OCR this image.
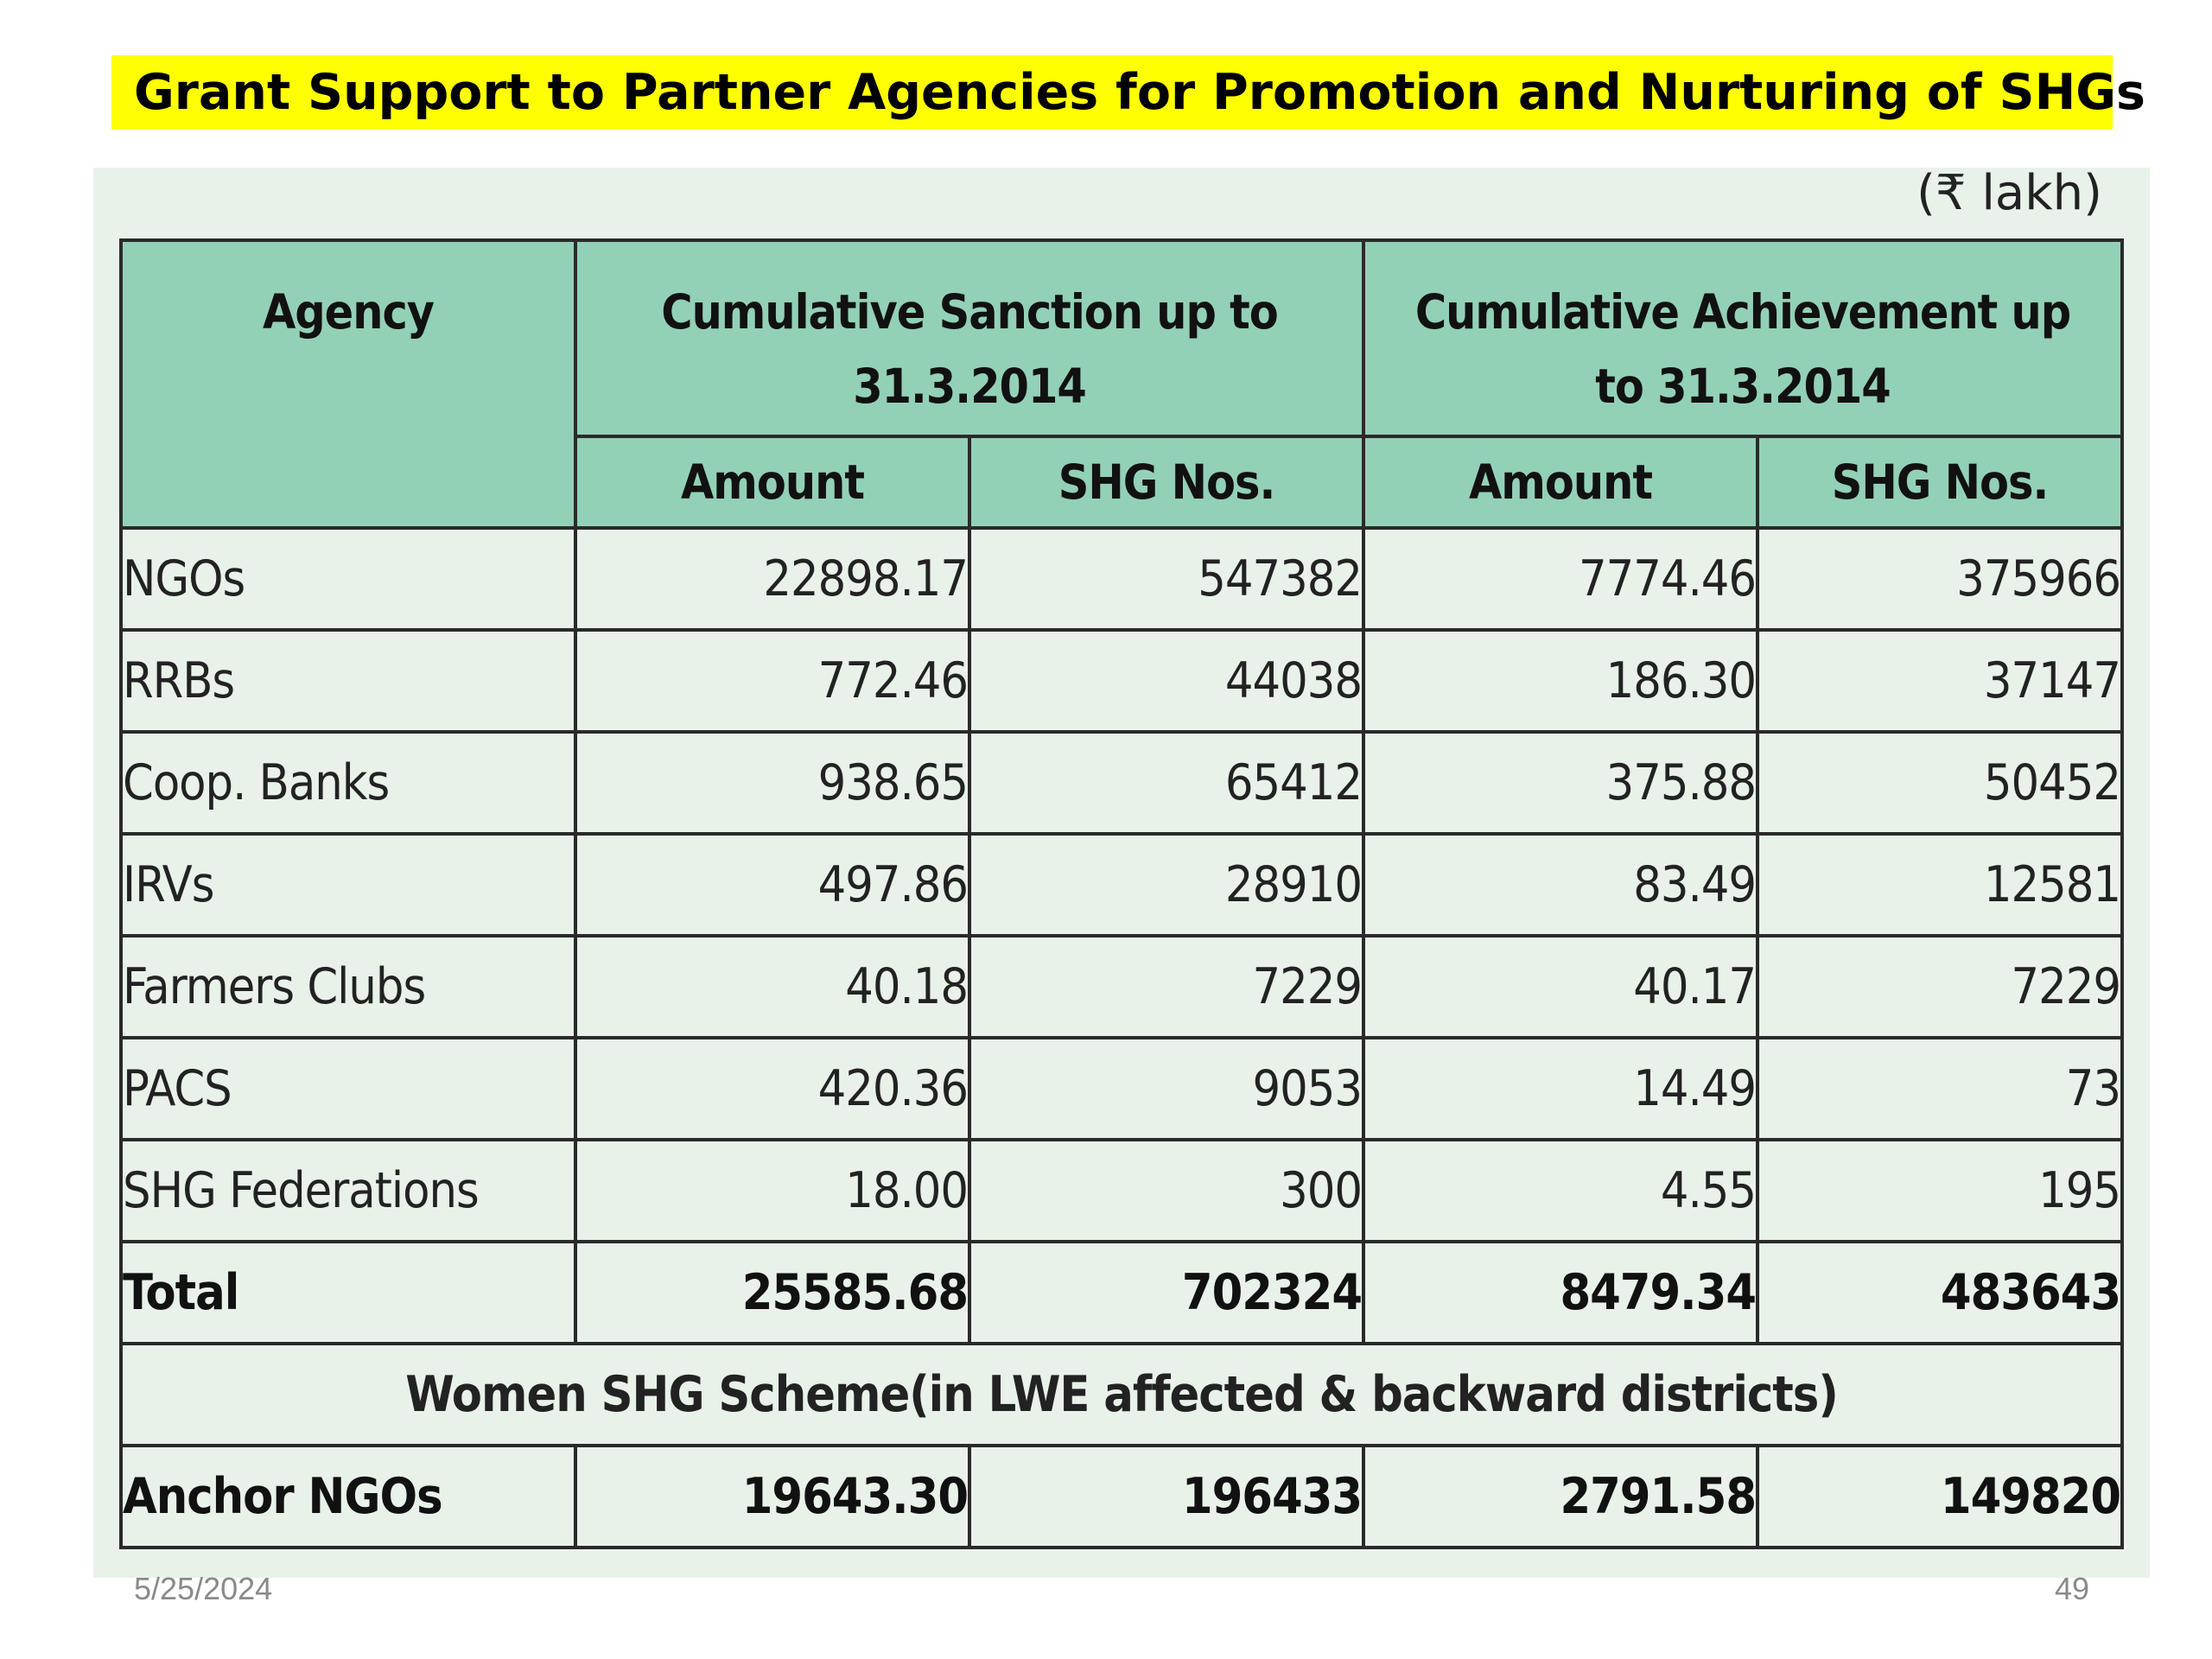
Grant Support to Partner Agencies for Promotion and Nurturing of SHGs
(₹ lakh)
Agency	Cumulative Sanction up to 31.3.2014		Cumulative Achievement up to 31.3.2014	
	Amount	SHG Nos.	Amount	SHG Nos.
NGOs	22898.17	547382	7774.46	375966
RRBs	772.46	44038	186.30	37147
Coop. Banks	938.65	65412	375.88	50452
IRVs	497.86	28910	83.49	12581
Farmers Clubs	40.18	7229	40.17	7229
PACS	420.36	9053	14.49	73
SHG Federations	18.00	300	4.55	195
Total	25585.68	702324	8479.34	483643
Women SHG Scheme(in LWE affected & backward districts)				
Anchor NGOs	19643.30	196433	2791.58	149820
5/25/2024	49
